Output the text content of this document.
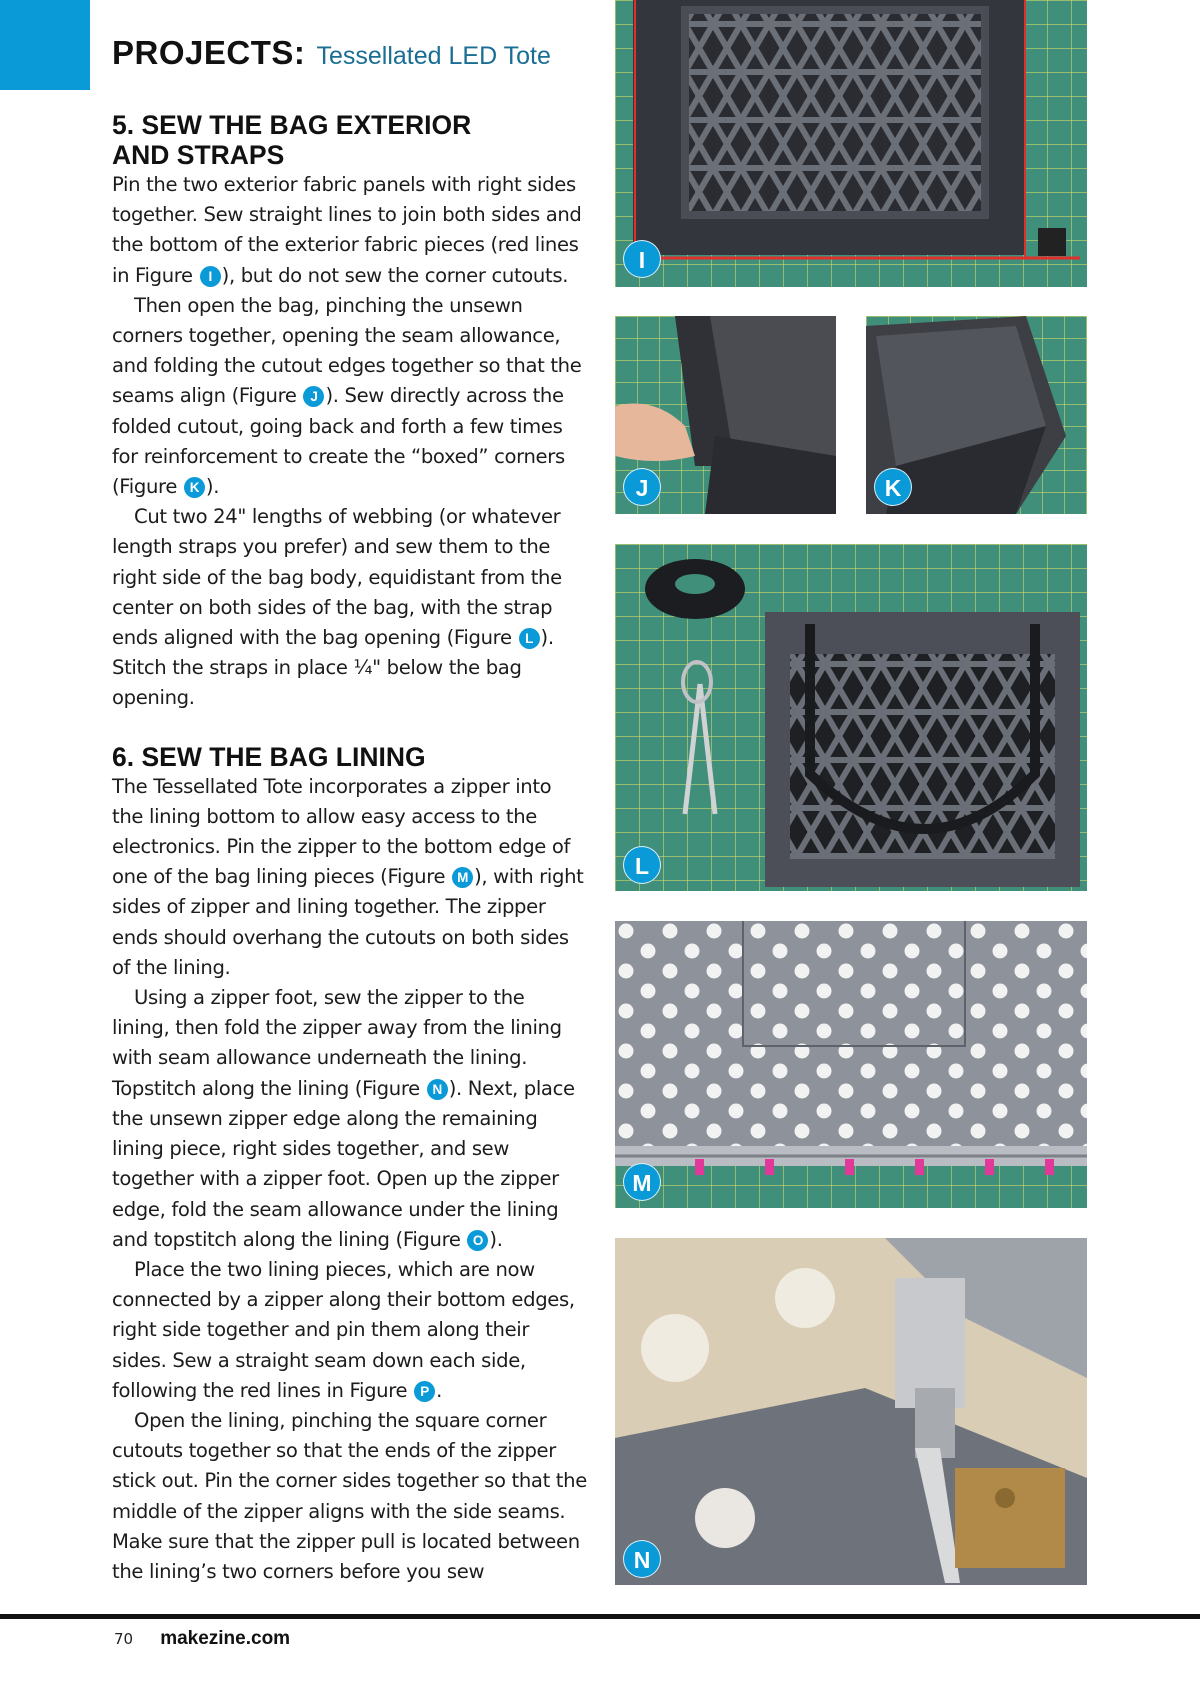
PROJECTS: Tessellated LED Tote
5. SEW THE BAG EXTERIOR
AND STRAPS

Pin the two exterior fabric panels with right sides together. Sew straight lines to join both sides and the bottom of the exterior fabric pieces (red lines in Figure I ), but do not sew the corner cutouts.

Then open the bag, pinching the unsewn corners together, opening the seam allowance, and folding the cutout edges together so that the seams align (Figure J ). Sew directly across the folded cutout, going back and forth a few times for reinforcement to create the “boxed” corners (Figure K ).

Cut two 24" lengths of webbing (or whatever length straps you prefer) and sew them to the right side of the bag body, equidistant from the center on both sides of the bag, with the strap ends aligned with the bag opening (Figure L ). Stitch the straps in place ¼" below the bag opening.

6. SEW THE BAG LINING

The Tessellated Tote incorporates a zipper into the lining bottom to allow easy access to the electronics. Pin the zipper to the bottom edge of one of the bag lining pieces (Figure M ), with right sides of zipper and lining together. The zipper ends should overhang the cutouts on both sides of the lining.

Using a zipper foot, sew the zipper to the lining, then fold the zipper away from the lining with seam allowance underneath the lining. Topstitch along the lining (Figure N ). Next, place the unsewn zipper edge along the remaining lining piece, right sides together, and sew together with a zipper foot. Open up the zipper edge, fold the seam allowance under the lining and topstitch along the lining (Figure O ).

Place the two lining pieces, which are now connected by a zipper along their bottom edges, right side together and pin them along their sides. Sew a straight seam down each side, following the red lines in Figure P .

Open the lining, pinching the square corner cutouts together so that the ends of the zipper stick out. Pin the corner sides together so that the middle of the zipper aligns with the side seams. Make sure that the zipper pull is located between the lining’s two corners before you sew

I
J	K
L
M
N
70 makezine.com
